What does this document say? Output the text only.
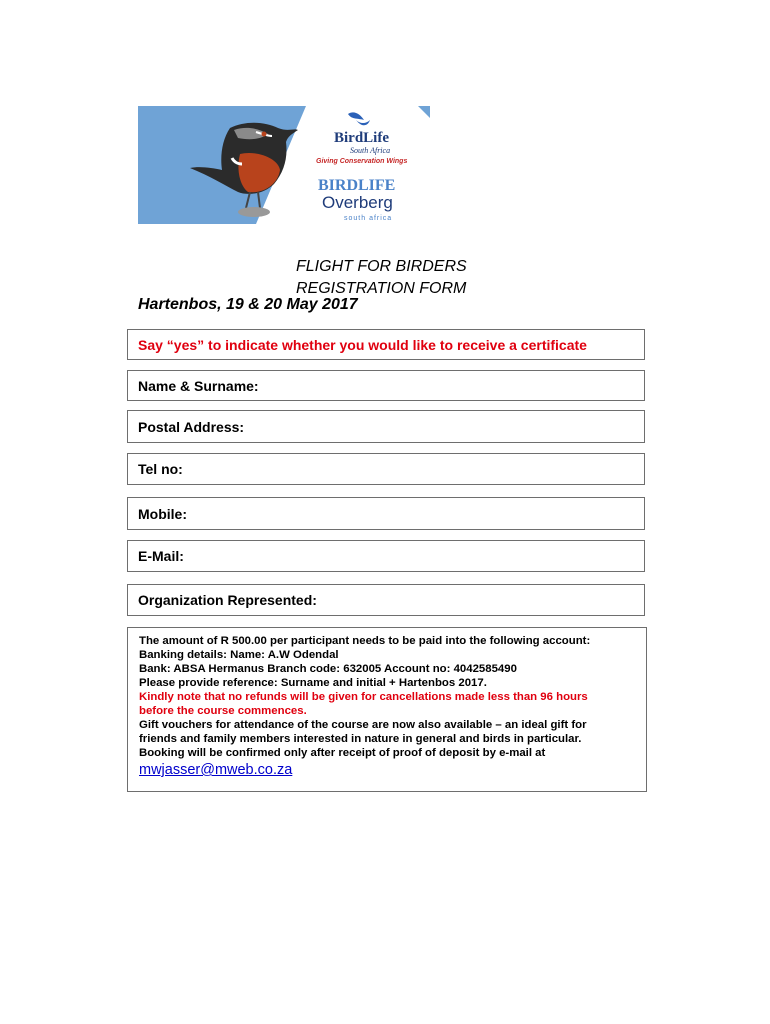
BirdLife
South Africa
Giving Conservation Wings
BIRDLIFE
Overberg
south africa
FLIGHT FOR BIRDERS
REGISTRATION FORM
Hartenbos, 19 & 20 May 2017
Say “yes” to indicate whether you would like to receive a certificate
Name & Surname:
Postal Address:
Tel no:
Mobile:
E-Mail:
Organization Represented:
The amount of R 500.00 per participant needs to be paid into the following account:
Banking details: Name: A.W Odendal
Bank: ABSA Hermanus Branch code: 632005 Account no: 4042585490
Please provide reference: Surname and initial + Hartenbos 2017.
Kindly note that no refunds will be given for cancellations made less than 96 hours
before the course commences.
Gift vouchers for attendance of the course are now also available – an ideal gift for
friends and family members interested in nature in general and birds in particular.
Booking will be confirmed only after receipt of proof of deposit by e-mail at
mwjasser@mweb.co.za
